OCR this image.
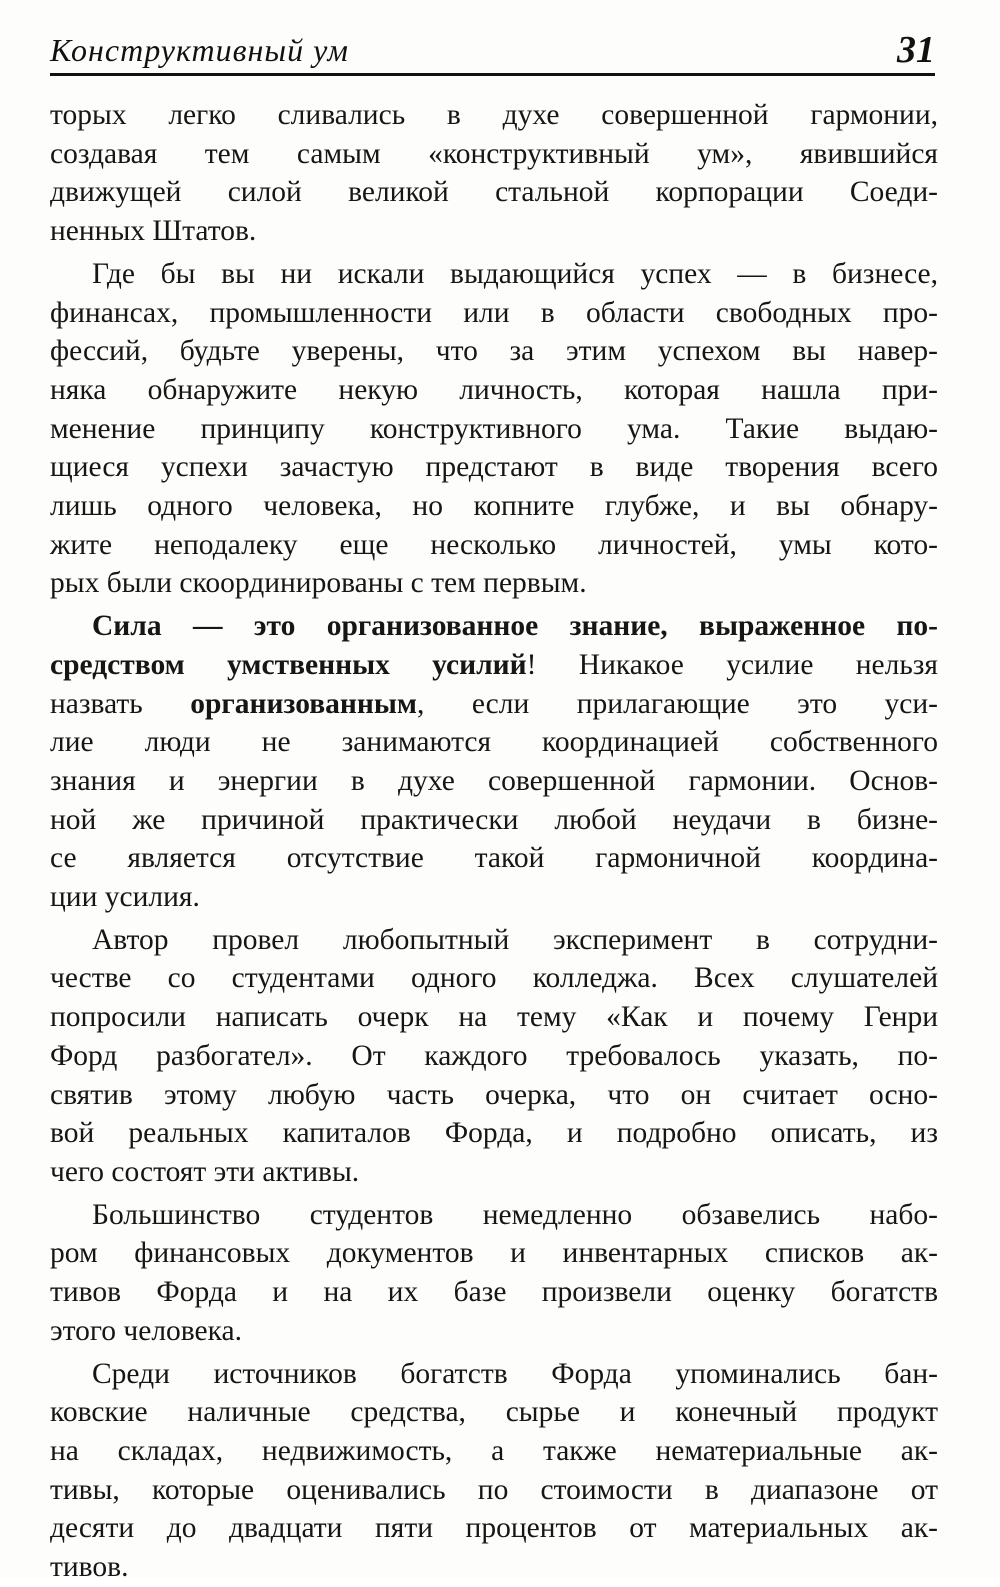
Конструктивный ум	31

торых легко сливались в духе совершенной гармонии,
создавая тем самым «конструктивный ум», явившийся
движущей силой великой стальной корпорации Соеди-
ненных Штатов.

Где бы вы ни искали выдающийся успех — в бизнесе,
финансах, промышленности или в области свободных про-
фессий, будьте уверены, что за этим успехом вы навер-
няка обнаружите некую личность, которая нашла при-
менение принципу конструктивного ума. Такие выдаю-
щиеся успехи зачастую предстают в виде творения всего
лишь одного человека, но копните глубже, и вы обнару-
жите неподалеку еще несколько личностей, умы кото-
рых были скоординированы с тем первым.

Сила — это организованное знание, выраженное по-
средством умственных усилий! Никакое усилие нельзя
назвать организованным, если прилагающие это уси-
лие люди не занимаются координацией собственного
знания и энергии в духе совершенной гармонии. Основ-
ной же причиной практически любой неудачи в бизне-
се является отсутствие такой гармоничной координа-
ции усилия.

Автор провел любопытный эксперимент в сотрудни-
честве со студентами одного колледжа. Всех слушателей
попросили написать очерк на тему «Как и почему Генри
Форд разбогател». От каждого требовалось указать, по-
святив этому любую часть очерка, что он считает осно-
вой реальных капиталов Форда, и подробно описать, из
чего состоят эти активы.

Большинство студентов немедленно обзавелись набо-
ром финансовых документов и инвентарных списков ак-
тивов Форда и на их базе произвели оценку богатств
этого человека.

Среди источников богатств Форда упоминались бан-
ковские наличные средства, сырье и конечный продукт
на складах, недвижимость, а также нематериальные ак-
тивы, которые оценивались по стоимости в диапазоне от
десяти до двадцати пяти процентов от материальных ак-
тивов.
